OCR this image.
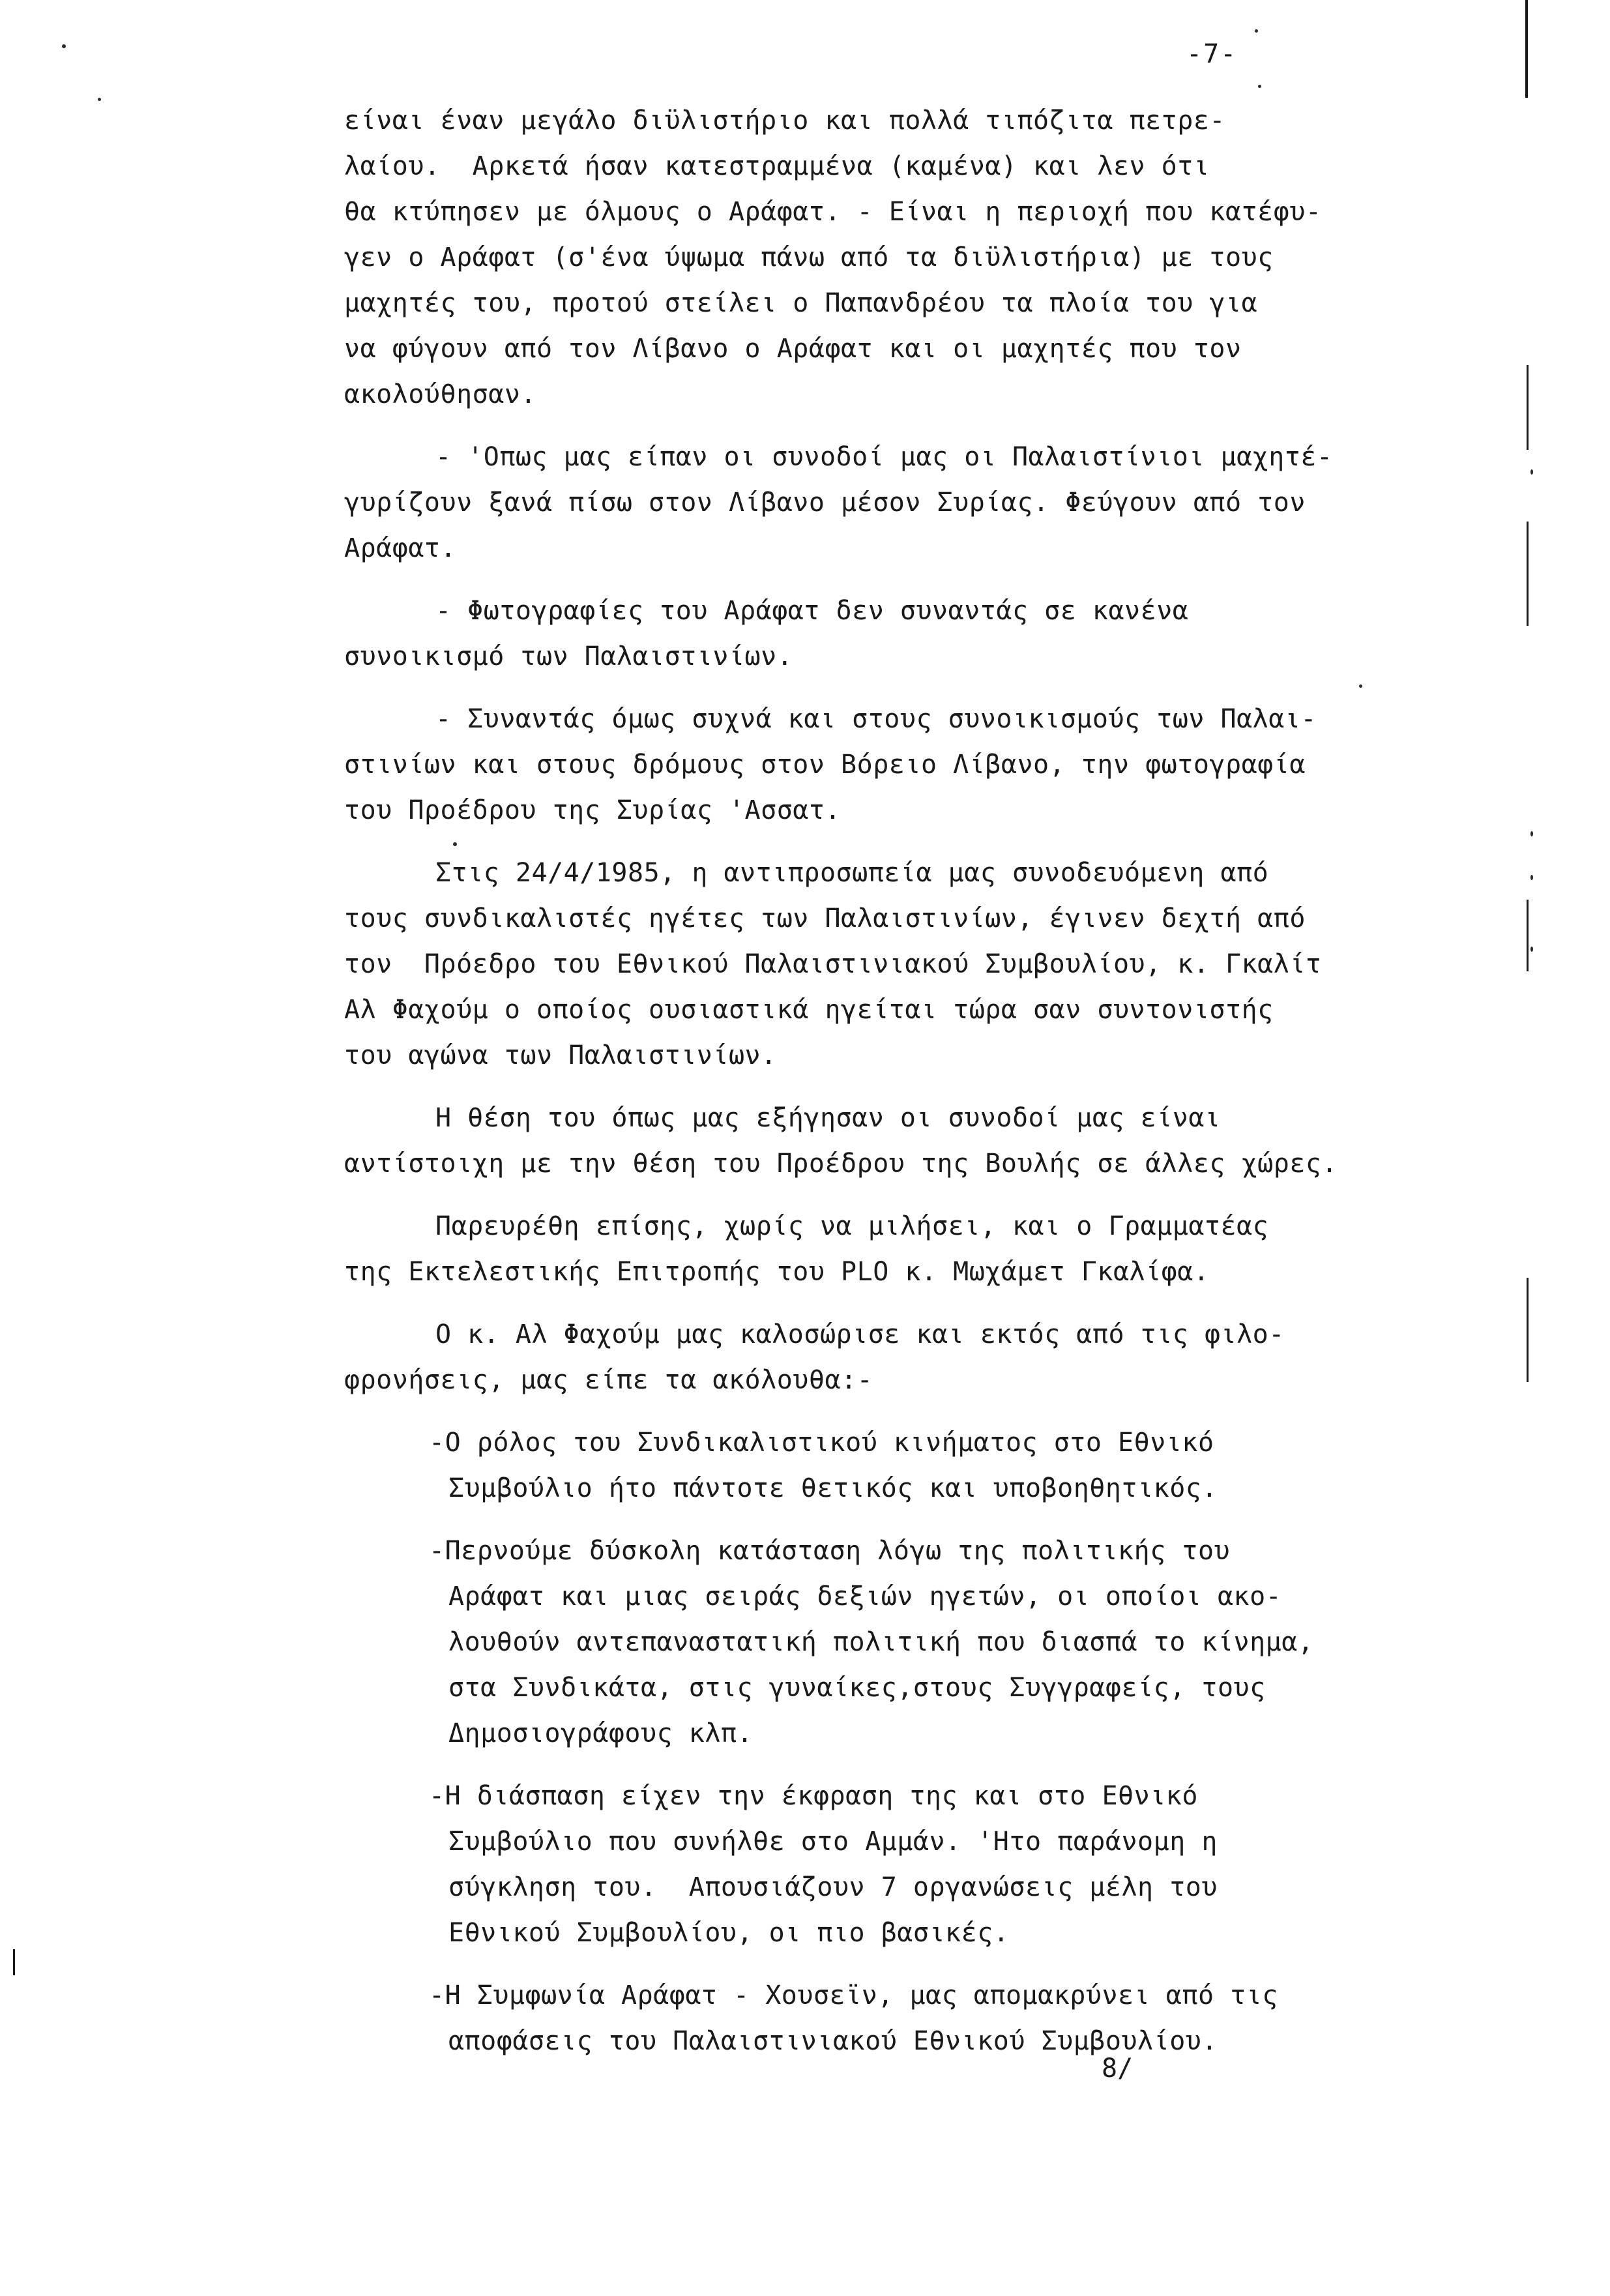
-7-
είναι έναν μεγάλο διϋλιστήριο και πολλά τιπόζιτα πετρε-
λαίου.  Αρκετά ήσαν κατεστραμμένα (καμένα) και λεν ότι
θα κτύπησεν με όλμους ο Αράφατ. - Είναι η περιοχή που κατέφυ-
γεν ο Αράφατ (σ'ένα ύψωμα πάνω από τα διϋλιστήρια) με τους
μαχητές του, προτού στείλει ο Παπανδρέου τα πλοία του για
να φύγουν από τον Λίβανο ο Αράφατ και οι μαχητές που τον
ακολούθησαν.
- 'Οπως μας είπαν οι συνοδοί μας οι Παλαιστίνιοι μαχητέ-
γυρίζουν ξανά πίσω στον Λίβανο μέσον Συρίας. Φεύγουν από τον
Αράφατ.
- Φωτογραφίες του Αράφατ δεν συναντάς σε κανένα
συνοικισμό των Παλαιστινίων.
- Συναντάς όμως συχνά και στους συνοικισμούς των Παλαι-
στινίων και στους δρόμους στον Βόρειο Λίβανο, την φωτογραφία
του Προέδρου της Συρίας 'Ασσατ.
Στις 24/4/1985, η αντιπροσωπεία μας συνοδευόμενη από
τους συνδικαλιστές ηγέτες των Παλαιστινίων, έγινεν δεχτή από
τον  Πρόεδρο του Εθνικού Παλαιστινιακού Συμβουλίου, κ. Γκαλίτ
Αλ Φαχούμ ο οποίος ουσιαστικά ηγείται τώρα σαν συντονιστής
του αγώνα των Παλαιστινίων.
Η θέση του όπως μας εξήγησαν οι συνοδοί μας είναι
αντίστοιχη με την θέση του Προέδρου της Βουλής σε άλλες χώρες.
Παρευρέθη επίσης, χωρίς να μιλήσει, και ο Γραμματέας
της Εκτελεστικής Επιτροπής του PLO κ. Μωχάμετ Γκαλίφα.
Ο κ. Αλ Φαχούμ μας καλοσώρισε και εκτός από τις φιλο-
φρονήσεις, μας είπε τα ακόλουθα:-
-Ο ρόλος του Συνδικαλιστικού κινήματος στο Εθνικό
Συμβούλιο ήτο πάντοτε θετικός και υποβοηθητικός.
-Περνούμε δύσκολη κατάσταση λόγω της πολιτικής του
Αράφατ και μιας σειράς δεξιών ηγετών, οι οποίοι ακο-
λουθούν αντεπαναστατική πολιτική που διασπά το κίνημα,
στα Συνδικάτα, στις γυναίκες,στους Συγγραφείς, τους
Δημοσιογράφους κλπ.
-Η διάσπαση είχεν την έκφραση της και στο Εθνικό
Συμβούλιο που συνήλθε στο Αμμάν. 'Ητο παράνομη η
σύγκληση του.  Απουσιάζουν 7 οργανώσεις μέλη του
Εθνικού Συμβουλίου, οι πιο βασικές.
-Η Συμφωνία Αράφατ - Χουσεϊν, μας απομακρύνει από τις
αποφάσεις του Παλαιστινιακού Εθνικού Συμβουλίου.
8/
